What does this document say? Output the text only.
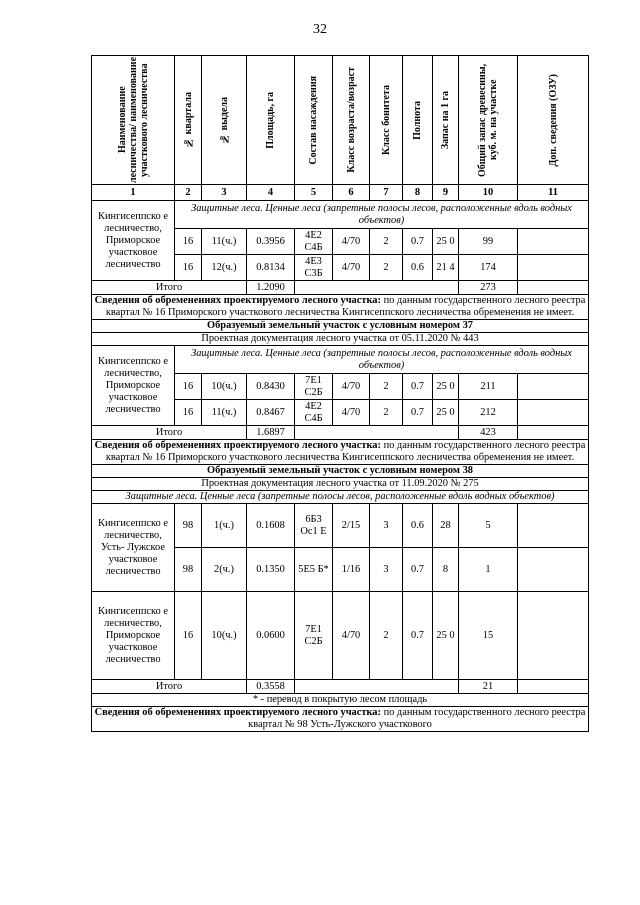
32
Наименование лесничества/ наименование участкового лесничества	№ квартала	№ выдела	Площадь, га	Состав насаждения	Класс возраста/возраст	Класс бонитета	Полнота	Запас на 1 га	Общий запас древесины, куб. м. на участке	Доп. сведения (ОЗУ)

1	2	3	4	5	6	7	8	9	10	11
Кингисеппско е лесничество, Приморское участковое лесничество	Защитные леса. Ценные леса (запретные полосы лесов, расположенные вдоль водных объектов)									
	16	11(ч.)	0.3956	4Е2 С4Б	4/70	2	0.7	25 0	99	
	16	12(ч.)	0.8134	4Е3 С3Б	4/70	2	0.6	21 4	174	
Итого			1.2090						273	
Сведения об обременениях проектируемого лесного участка: по данным государственного лесного реестра квартал № 16 Приморского участкового лесничества Кингисеппского лесничества обременения не имеет.										
Образуемый земельный участок с условным номером 37										
Проектная документация лесного участка от 05.11.2020 № 443										
Кингисеппско е лесничество, Приморское участковое лесничество	Защитные леса. Ценные леса (запретные полосы лесов, расположенные вдоль водных объектов)									
	16	10(ч.)	0.8430	7Е1 С2Б	4/70	2	0.7	25 0	211	
	16	11(ч.)	0.8467	4Е2 С4Б	4/70	2	0.7	25 0	212	
Итого			1.6897						423	
Сведения об обременениях проектируемого лесного участка: по данным государственного лесного реестра квартал № 16 Приморского участкового лесничества Кингисеппского лесничества обременения не имеет.										
Образуемый земельный участок с условным номером 38										
Проектная документация лесного участка от 11.09.2020 № 275										
Защитные леса. Ценные леса (запретные полосы лесов, расположенные вдоль водных объектов)										
Кингисеппско е лесничество, Усть- Лужское участковое лесничество	98	1(ч.)	0.1608	6Б3 Ос1 Е	2/15	3	0.6	28	5	
	98	2(ч.)	0.1350	5Е5 Б*	1/16	3	0.7	8	1	
Кингисеппско е лесничество, Приморское участковое лесничество	16	10(ч.)	0.0600	7Е1 С2Б	4/70	2	0.7	25 0	15	
Итого			0.3558						21	
* - перевод в покрытую лесом площадь										
Сведения об обременениях проектируемого лесного участка: по данным государственного лесного реестра квартал № 98 Усть-Лужского участкового										
